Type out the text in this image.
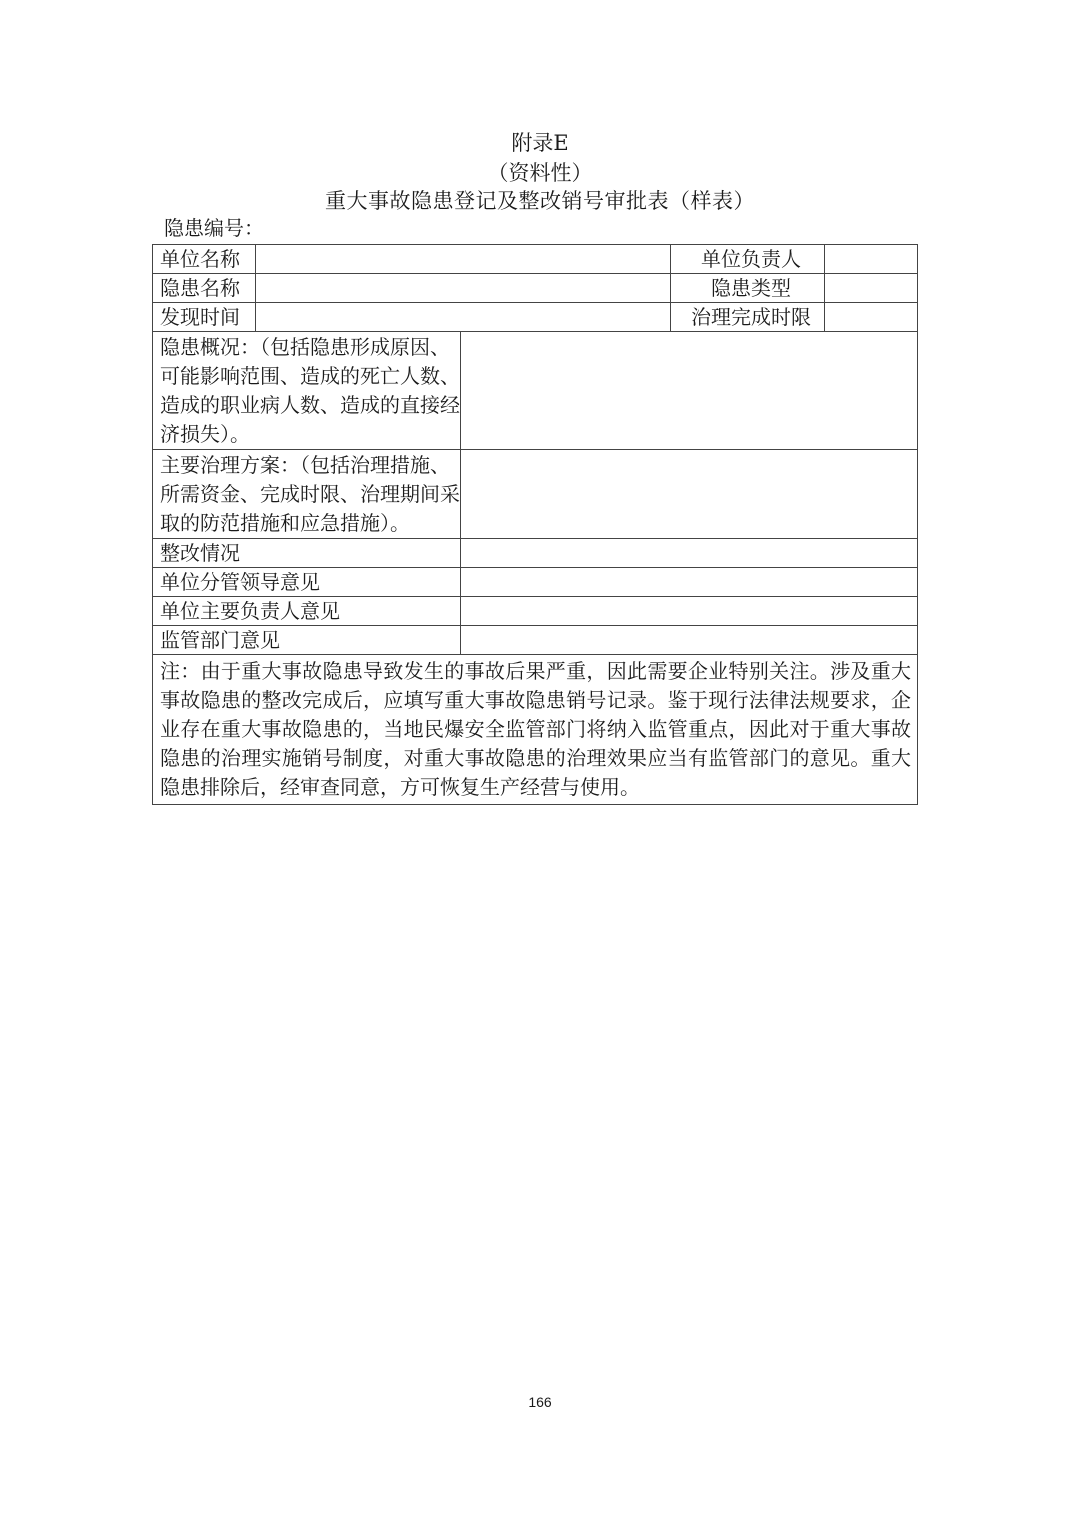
附录E
（资料性）
重大事故隐患登记及整改销号审批表（样表）
隐患编号：
单位名称			单位负责人	
隐患名称			隐患类型	
发现时间			治理完成时限	
隐患概况：（包括隐患形成原因、可能影响范围、造成的死亡人数、造成的职业病人数、造成的直接经济损失）。				
主要治理方案：（包括治理措施、所需资金、完成时限、治理期间采取的防范措施和应急措施）。				
整改情况				
单位分管领导意见				
单位主要负责人意见				
监管部门意见				
注：由于重大事故隐患导致发生的事故后果严重，因此需要企业特别关注。涉及重大事故隐患的整改完成后，应填写重大事故隐患销号记录。鉴于现行法律法规要求，企业存在重大事故隐患的，当地民爆安全监管部门将纳入监管重点，因此对于重大事故隐患的治理实施销号制度，对重大事故隐患的治理效果应当有监管部门的意见。重大隐患排除后，经审查同意，方可恢复生产经营与使用。				
166
